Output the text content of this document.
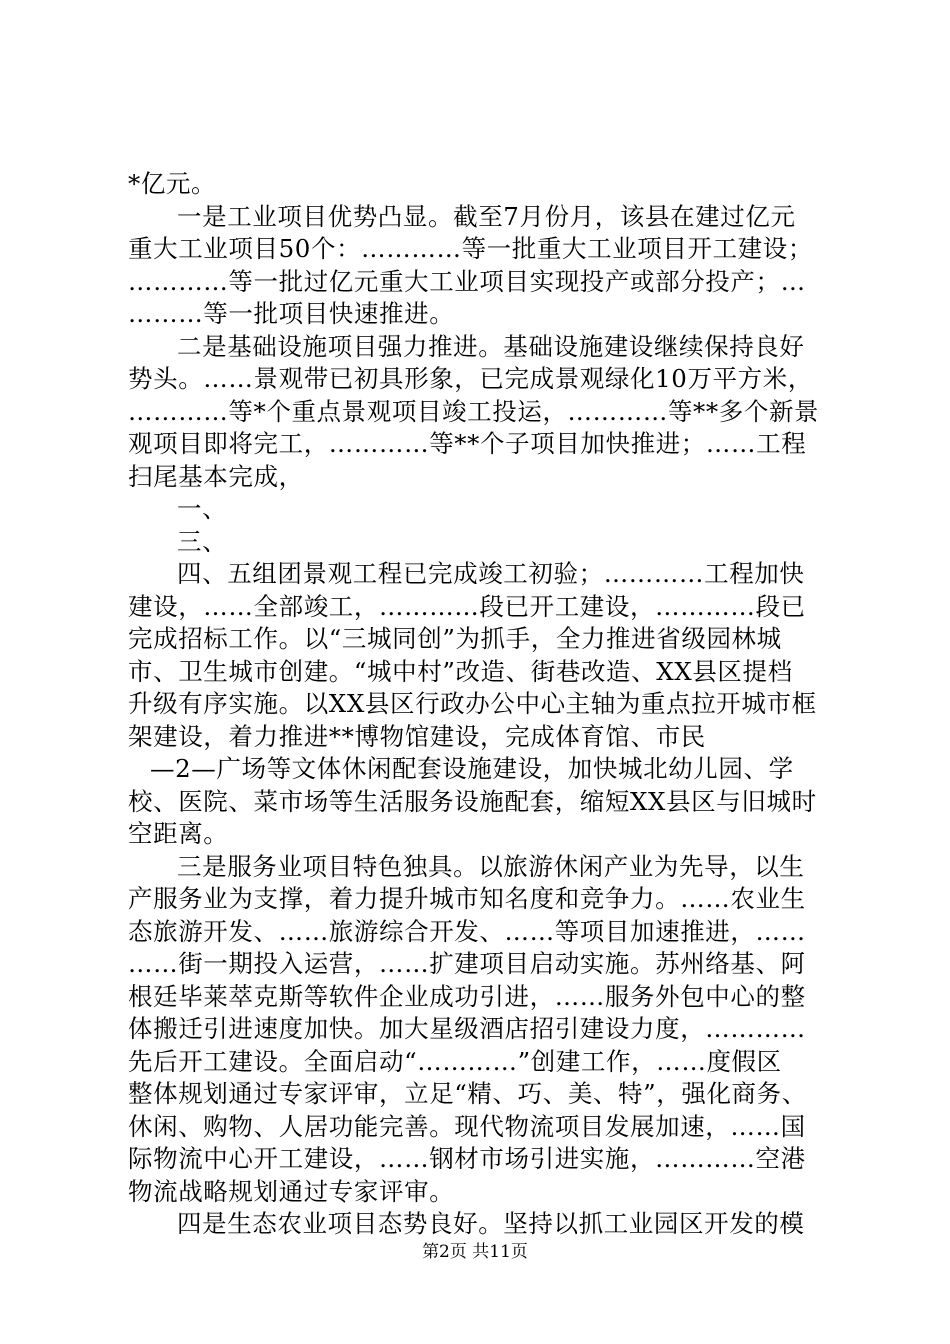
*亿元。
一是工业项目优势凸显。截至7月份月，该县在建过亿元
重大工业项目50个：…………等一批重大工业项目开工建设；
…………等一批过亿元重大工业项目实现投产或部分投产；…
………等一批项目快速推进。
二是基础设施项目强力推进。基础设施建设继续保持良好
势头。……景观带已初具形象，已完成景观绿化10万平方米，
…………等*个重点景观项目竣工投运，…………等**多个新景
观项目即将完工，…………等**个子项目加快推进；……工程
扫尾基本完成，
一、
三、
四、五组团景观工程已完成竣工初验；…………工程加快
建设，……全部竣工，…………段已开工建设，…………段已
完成招标工作。以“三城同创”为抓手，全力推进省级园林城
市、卫生城市创建。“城中村”改造、街巷改造、XX县区提档
升级有序实施。以XX县区行政办公中心主轴为重点拉开城市框
架建设，着力推进**博物馆建设，完成体育馆、市民
—2—广场等文体休闲配套设施建设，加快城北幼儿园、学
校、医院、菜市场等生活服务设施配套，缩短XX县区与旧城时
空距离。
三是服务业项目特色独具。以旅游休闲产业为先导，以生
产服务业为支撑，着力提升城市知名度和竞争力。……农业生
态旅游开发、……旅游综合开发、……等项目加速推进，……
……街一期投入运营，……扩建项目启动实施。苏州络基、阿
根廷毕莱萃克斯等软件企业成功引进，……服务外包中心的整
体搬迁引进速度加快。加大星级酒店招引建设力度，…………
先后开工建设。全面启动“…………”创建工作，……度假区
整体规划通过专家评审，立足“精、巧、美、特”，强化商务、
休闲、购物、人居功能完善。现代物流项目发展加速，……国
际物流中心开工建设，……钢材市场引进实施，…………空港
物流战略规划通过专家评审。
四是生态农业项目态势良好。坚持以抓工业园区开发的模
第2页 共11页
